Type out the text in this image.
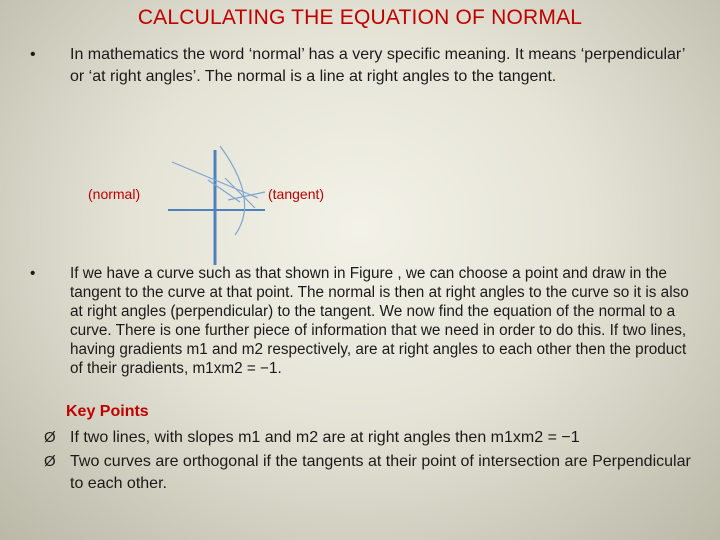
CALCULATING THE EQUATION OF NORMAL
•	In mathematics the word ‘normal’ has a very specific meaning. It means ‘perpendicular’ or ‘at right angles’. The normal is a line at right angles to the tangent.
(normal)	(tangent)
•	If we have a curve such as that shown in Figure , we can choose a point and draw in the tangent to the curve at that point. The normal is then at right angles to the curve so it is also at right angles (perpendicular) to the tangent. We now find the equation of the normal to a curve. There is one further piece of information that we need in order to do this. If two lines, having gradients m1 and m2 respectively, are at right angles to each other then the product of their gradients, m1xm2 = −1.
Key Points
Ø If two lines, with slopes m1 and m2 are at right angles then m1xm2 = −1
Ø Two curves are orthogonal if the tangents at their point of intersection are Perpendicular to each other.
